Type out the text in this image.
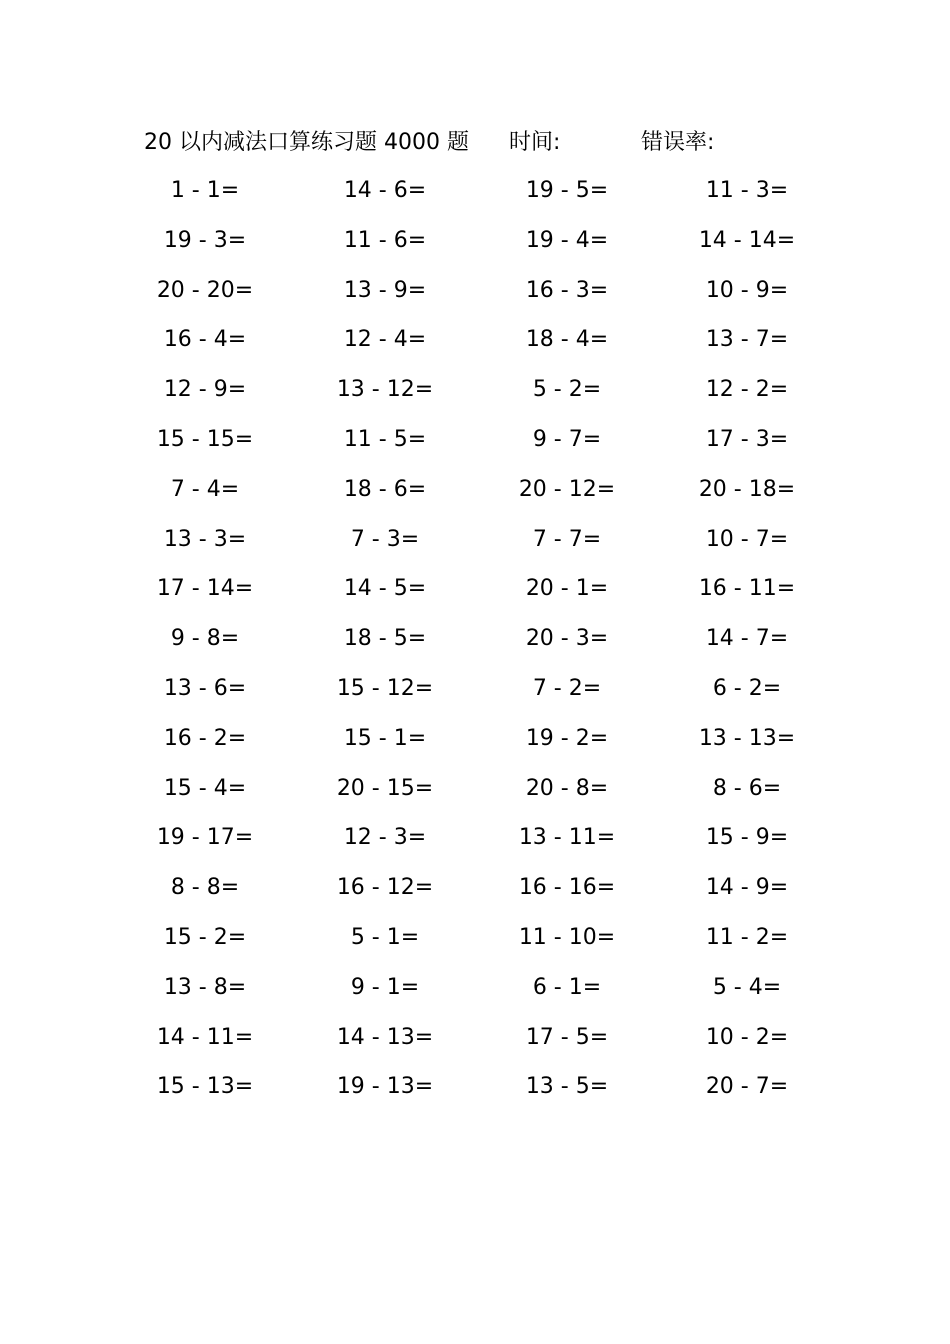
20 以内减法口算练习题 4000 题 时间:	错误率:
1 - 1=	14 - 6=	19 - 5=	11 - 3=
19 - 3=	11 - 6=	19 - 4=	14 - 14=
20 - 20=	13 - 9=	16 - 3=	10 - 9=
16 - 4=	12 - 4=	18 - 4=	13 - 7=
12 - 9=	13 - 12=	5 - 2=	12 - 2=
15 - 15=	11 - 5=	9 - 7=	17 - 3=
7 - 4=	18 - 6=	20 - 12=	20 - 18=
13 - 3=	7 - 3=	7 - 7=	10 - 7=
17 - 14=	14 - 5=	20 - 1=	16 - 11=
9 - 8=	18 - 5=	20 - 3=	14 - 7=
13 - 6=	15 - 12=	7 - 2=	6 - 2=
16 - 2=	15 - 1=	19 - 2=	13 - 13=
15 - 4=	20 - 15=	20 - 8=	8 - 6=
19 - 17=	12 - 3=	13 - 11=	15 - 9=
8 - 8=	16 - 12=	16 - 16=	14 - 9=
15 - 2=	5 - 1=	11 - 10=	11 - 2=
13 - 8=	9 - 1=	6 - 1=	5 - 4=
14 - 11=	14 - 13=	17 - 5=	10 - 2=
15 - 13=	19 - 13=	13 - 5=	20 - 7=
